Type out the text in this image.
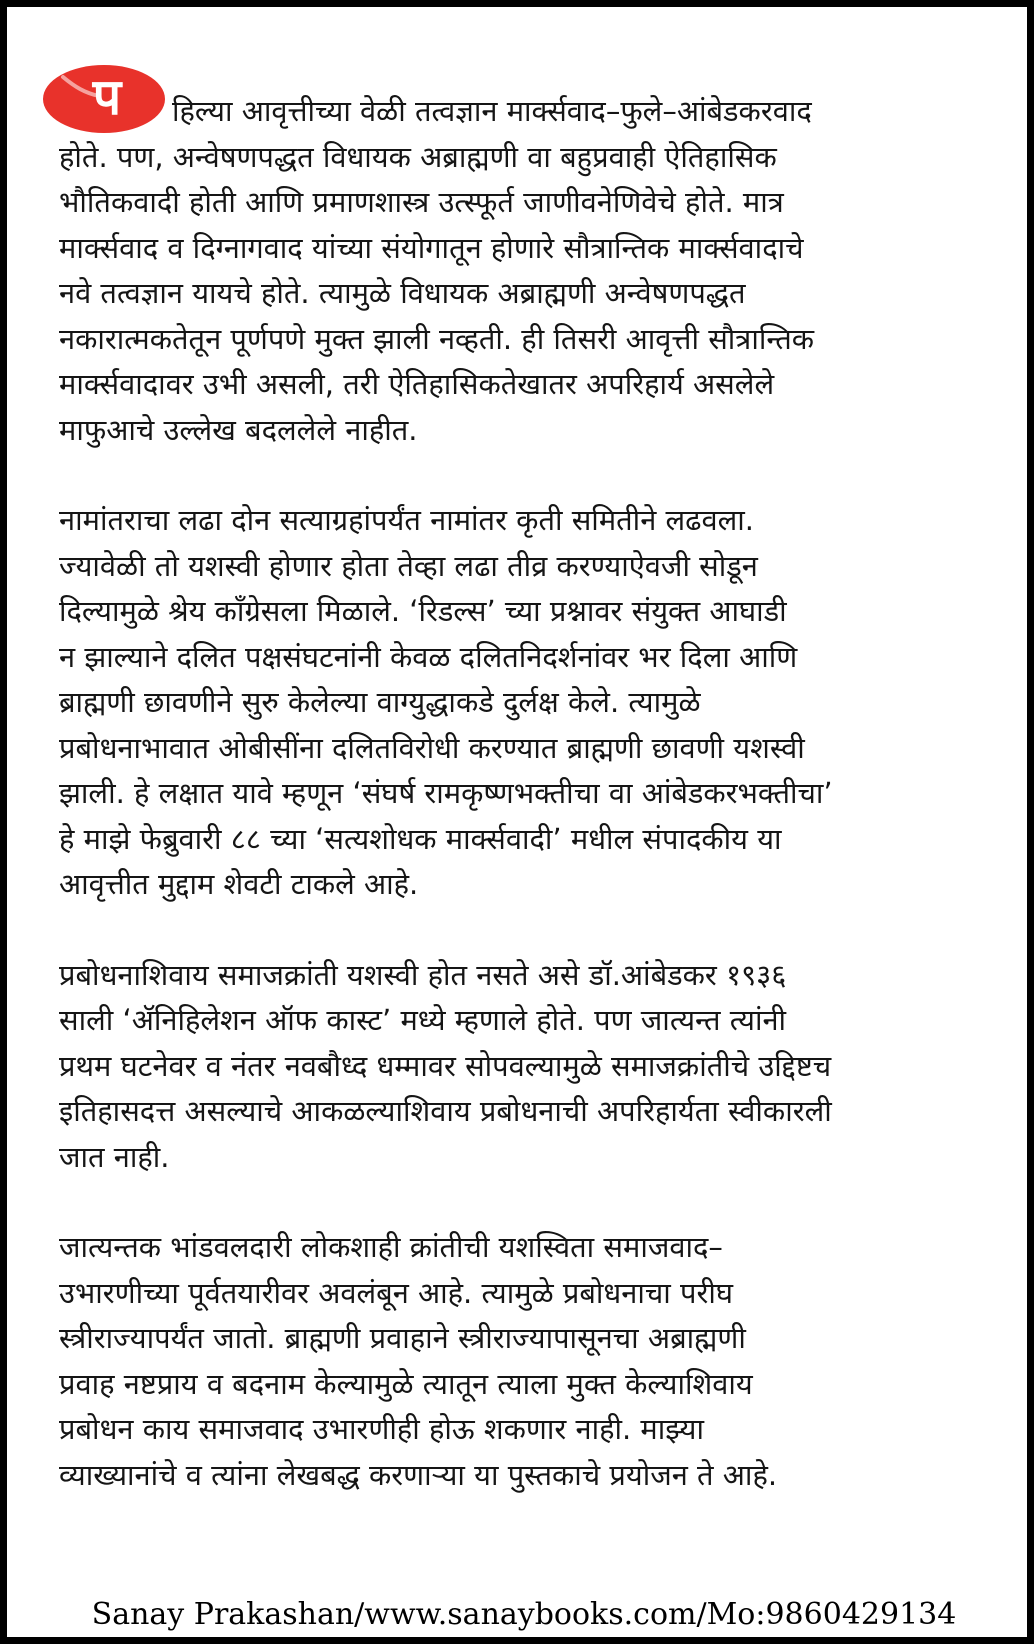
प	हिल्या आवृत्तीच्या वेळी तत्वज्ञान मार्क्सवाद–फुले–आंबेडकरवाद
होते. पण, अन्वेषणपद्धत विधायक अब्राह्मणी वा बहुप्रवाही ऐतिहासिक
भौतिकवादी होती आणि प्रमाणशास्त्र उत्स्फूर्त जाणीवनेणिवेचे होते. मात्र
मार्क्सवाद व दिग्नागवाद यांच्या संयोगातून होणारे सौत्रान्तिक मार्क्सवादाचे
नवे तत्वज्ञान यायचे होते. त्यामुळे विधायक अब्राह्मणी अन्वेषणपद्धत
नकारात्मकतेतून पूर्णपणे मुक्त झाली नव्हती. ही तिसरी आवृत्ती सौत्रान्तिक
मार्क्सवादावर उभी असली, तरी ऐतिहासिकतेखातर अपरिहार्य असलेले
माफुआचे उल्लेख बदललेले नाहीत.

नामांतराचा लढा दोन सत्याग्रहांपर्यंत नामांतर कृती समितीने लढवला.
ज्यावेळी तो यशस्वी होणार होता तेव्हा लढा तीव्र करण्याऐवजी सोडून
दिल्यामुळे श्रेय काँग्रेसला मिळाले. ‘रिडल्स’ च्या प्रश्नावर संयुक्त आघाडी
न झाल्याने दलित पक्षसंघटनांनी केवळ दलितनिदर्शनांवर भर दिला आणि
ब्राह्मणी छावणीने सुरु केलेल्या वाग्युद्धाकडे दुर्लक्ष केले. त्यामुळे
प्रबोधनाभावात ओबीसींना दलितविरोधी करण्यात ब्राह्मणी छावणी यशस्वी
झाली. हे लक्षात यावे म्हणून ‘संघर्ष रामकृष्णभक्तीचा वा आंबेडकरभक्तीचा’
हे माझे फेब्रुवारी ८८ च्या ‘सत्यशोधक मार्क्सवादी’ मधील संपादकीय या
आवृत्तीत मुद्दाम शेवटी टाकले आहे.

प्रबोधनाशिवाय समाजक्रांती यशस्वी होत नसते असे डॉ.आंबेडकर १९३६
साली ‘ॲनिहिलेशन ऑफ कास्ट’ मध्ये म्हणाले होते. पण जात्यन्त त्यांनी
प्रथम घटनेवर व नंतर नवबौध्द धम्मावर सोपवल्यामुळे समाजक्रांतीचे उद्दिष्टच
इतिहासदत्त असल्याचे आकळल्याशिवाय प्रबोधनाची अपरिहार्यता स्वीकारली
जात नाही.

जात्यन्तक भांडवलदारी लोकशाही क्रांतीची यशस्विता समाजवाद–
उभारणीच्या पूर्वतयारीवर अवलंबून आहे. त्यामुळे प्रबोधनाचा परीघ
स्त्रीराज्यापर्यंत जातो. ब्राह्मणी प्रवाहाने स्त्रीराज्यापासूनचा अब्राह्मणी
प्रवाह नष्टप्राय व बदनाम केल्यामुळे त्यातून त्याला मुक्त केल्याशिवाय
प्रबोधन काय समाजवाद उभारणीही होऊ शकणार नाही. माझ्या
व्याख्यानांचे व त्यांना लेखबद्ध करणाऱ्या या पुस्तकाचे प्रयोजन ते आहे.

Sanay Prakashan/www.sanaybooks.com/Mo:9860429134
